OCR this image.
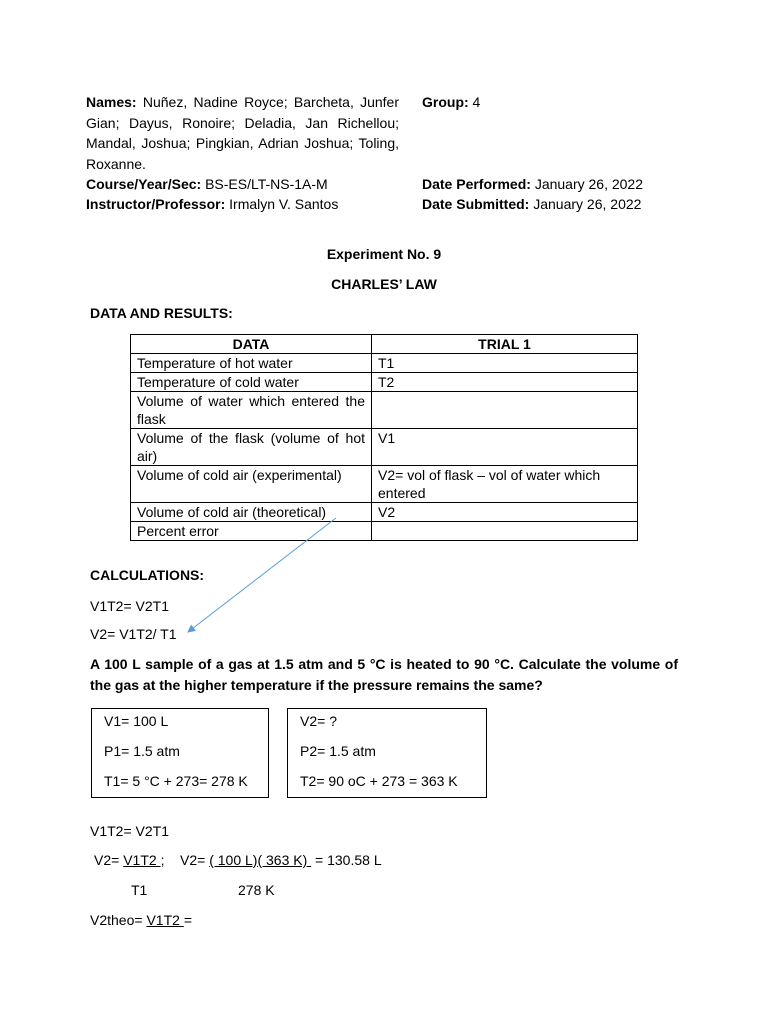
Names: Nuñez, Nadine Royce; Barcheta, Junfer Gian; Dayus, Ronoire; Deladia, Jan Richellou; Mandal, Joshua; Pingkian, Adrian Joshua; Toling, Roxanne.
Group: 4
Course/Year/Sec: BS-ES/LT-NS-1A-M
Instructor/Professor: Irmalyn V. Santos
Date Performed: January 26, 2022
Date Submitted: January 26, 2022
Experiment No. 9
CHARLES’ LAW
DATA AND RESULTS:
DATA	TRIAL 1
Temperature of hot water	T1
Temperature of cold water	T2
Volume of water which entered the flask	
Volume of the flask (volume of hot air)	V1
Volume of cold air (experimental)	V2= vol of flask – vol of water which entered
Volume of cold air (theoretical)	V2
Percent error	
CALCULATIONS:
V1T2= V2T1
V2= V1T2/ T1
A 100 L sample of a gas at 1.5 atm and 5 °C is heated to 90 °C. Calculate the volume of the gas at the higher temperature if the pressure remains the same?
V1= 100 L
P1= 1.5 atm
T1= 5 °C + 273= 278 K
V2= ?
P2= 1.5 atm
T2= 90 oC + 273 = 363 K
V1T2= V2T1
V2= V1T2 ; V2= ( 100 L)( 363 K)  = 130.58 L
T1	278 K
V2theo= V1T2 =
